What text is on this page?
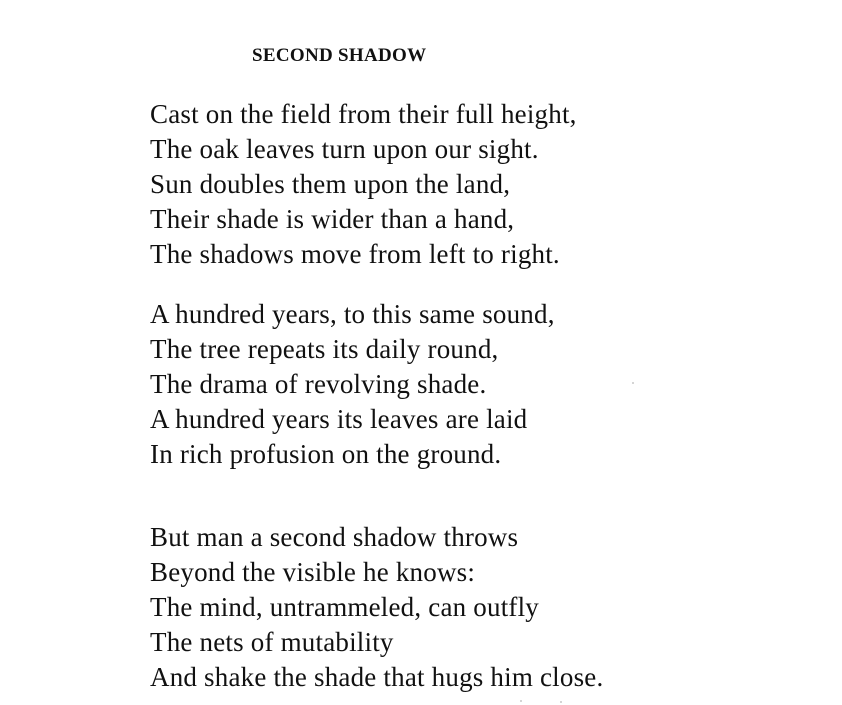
SECOND SHADOW
Cast on the field from their full height,
The oak leaves turn upon our sight.
Sun doubles them upon the land,
Their shade is wider than a hand,
The shadows move from left to right.
A hundred years, to this same sound,
The tree repeats its daily round,
The drama of revolving shade.
A hundred years its leaves are laid
In rich profusion on the ground.
But man a second shadow throws
Beyond the visible he knows:
The mind, untrammeled, can outfly
The nets of mutability
And shake the shade that hugs him close.
